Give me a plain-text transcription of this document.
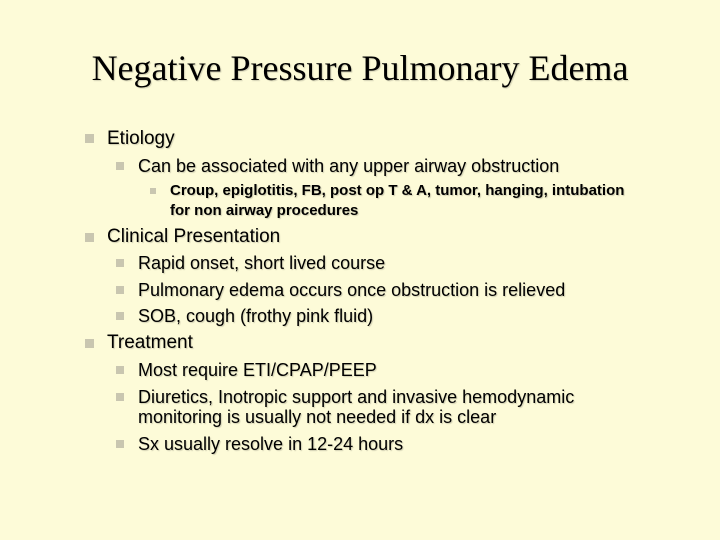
Negative Pressure Pulmonary Edema
Etiology
Can be associated with any upper airway obstruction
Croup, epiglotitis, FB, post op T & A, tumor, hanging, intubation
for non airway procedures
Clinical Presentation
Rapid onset, short lived course
Pulmonary edema occurs once obstruction is relieved
SOB, cough (frothy pink fluid)
Treatment
Most require ETI/CPAP/PEEP
Diuretics, Inotropic support and invasive hemodynamic
monitoring is usually not needed if dx is clear
Sx usually resolve in 12-24 hours
